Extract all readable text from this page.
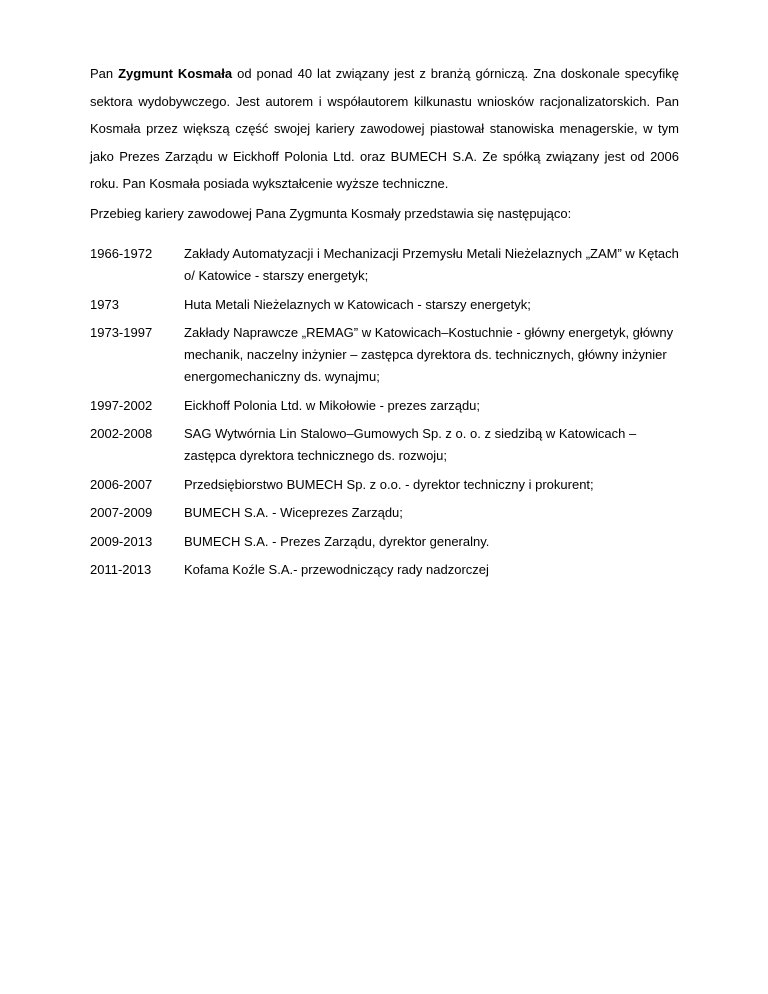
Pan Zygmunt Kosmała od ponad 40 lat związany jest z branżą górniczą. Zna doskonale specyfikę sektora wydobywczego. Jest autorem i współautorem kilkunastu wniosków racjonalizatorskich. Pan Kosmała przez większą część swojej kariery zawodowej piastował stanowiska menagerskie, w tym jako Prezes Zarządu w Eickhoff Polonia Ltd. oraz BUMECH S.A. Ze spółką związany jest od 2006 roku. Pan Kosmała posiada wykształcenie wyższe techniczne.

Przebieg kariery zawodowej Pana Zygmunta Kosmały przedstawia się następująco:

1966-1972	Zakłady Automatyzacji i Mechanizacji Przemysłu Metali Nieżelaznych „ZAM” w Kętach o/ Katowice - starszy energetyk;
1973	Huta Metali Nieżelaznych w Katowicach - starszy energetyk;
1973-1997	Zakłady Naprawcze „REMAG” w Katowicach–Kostuchnie - główny energetyk, główny mechanik, naczelny inżynier – zastępca dyrektora ds. technicznych, główny inżynier energomechaniczny ds. wynajmu;
1997-2002	Eickhoff Polonia Ltd. w Mikołowie - prezes zarządu;
2002-2008	SAG Wytwórnia Lin Stalowo–Gumowych Sp. z o. o. z siedzibą w Katowicach – zastępca dyrektora technicznego ds. rozwoju;
2006-2007	Przedsiębiorstwo BUMECH Sp. z o.o. - dyrektor techniczny i prokurent;
2007-2009	BUMECH S.A. - Wiceprezes Zarządu;
2009-2013	BUMECH S.A. - Prezes Zarządu, dyrektor generalny.
2011-2013	Kofama Koźle S.A.- przewodniczący rady nadzorczej
